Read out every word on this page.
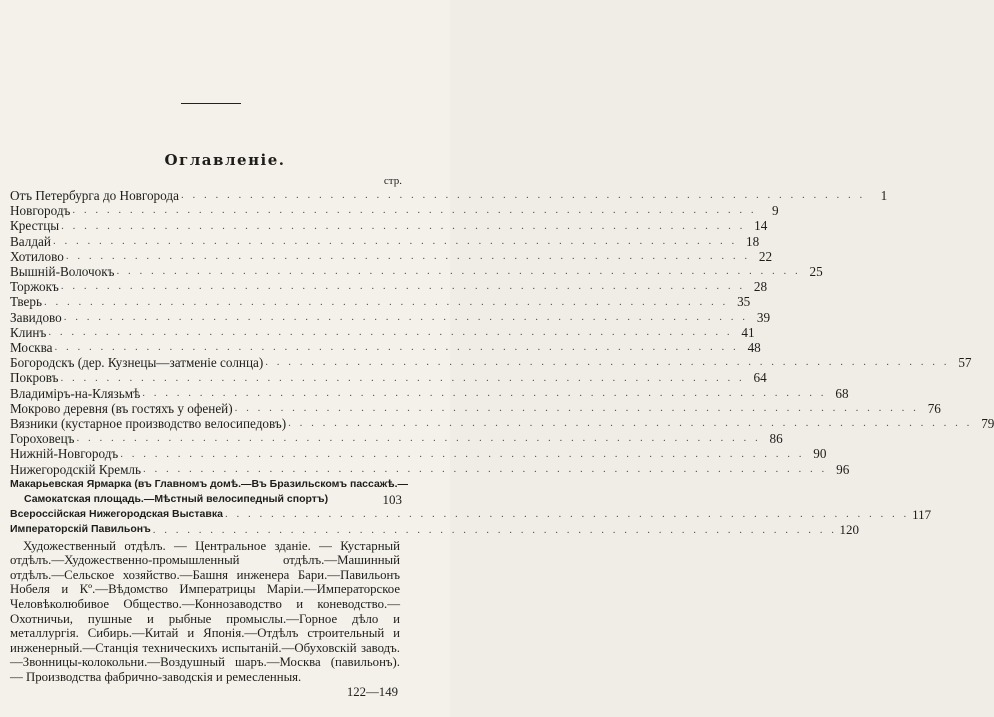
Оглавленіе.
стр.
Отъ Петербурга до Новгорода . . . . . . . . . . . . . . . . . . . . . . . . . . . . . . . . . . . . . . . . . . . . . . . . . . . . . . . . . . . .	1
Новгородъ . . . . . . . . . . . . . . . . . . . . . . . . . . . . . . . . . . . . . . . . . . . . . . . . . . . . . . . . . . . .	9
Крестцы . . . . . . . . . . . . . . . . . . . . . . . . . . . . . . . . . . . . . . . . . . . . . . . . . . . . . . . . . . . . 14
Валдай . . . . . . . . . . . . . . . . . . . . . . . . . . . . . . . . . . . . . . . . . . . . . . . . . . . . . . . . . . . . 18
Хотилово . . . . . . . . . . . . . . . . . . . . . . . . . . . . . . . . . . . . . . . . . . . . . . . . . . . . . . . . . . . . 22
Вышній-Волочокъ . . . . . . . . . . . . . . . . . . . . . . . . . . . . . . . . . . . . . . . . . . . . . . . . . . . . . . . . . . . . 25
Торжокъ . . . . . . . . . . . . . . . . . . . . . . . . . . . . . . . . . . . . . . . . . . . . . . . . . . . . . . . . . . . . 28
Тверь . . . . . . . . . . . . . . . . . . . . . . . . . . . . . . . . . . . . . . . . . . . . . . . . . . . . . . . . . . . . 35
Завидово . . . . . . . . . . . . . . . . . . . . . . . . . . . . . . . . . . . . . . . . . . . . . . . . . . . . . . . . . . . . 39
Клинъ . . . . . . . . . . . . . . . . . . . . . . . . . . . . . . . . . . . . . . . . . . . . . . . . . . . . . . . . . . . . 41
Москва . . . . . . . . . . . . . . . . . . . . . . . . . . . . . . . . . . . . . . . . . . . . . . . . . . . . . . . . . . . . 48
Богородскъ (дер. Кузнецы—затменіе солнца) . . . . . . . . . . . . . . . . . . . . . . . . . . . . . . . . . . . . . . . . . . . . . . . . . . . . . . . . . . . . 57
Покровъ . . . . . . . . . . . . . . . . . . . . . . . . . . . . . . . . . . . . . . . . . . . . . . . . . . . . . . . . . . . . 64
Владиміръ-на-Клязьмѣ . . . . . . . . . . . . . . . . . . . . . . . . . . . . . . . . . . . . . . . . . . . . . . . . . . . . . . . . . . . . 68
Мокрово деревня (въ гостяхъ у офеней) . . . . . . . . . . . . . . . . . . . . . . . . . . . . . . . . . . . . . . . . . . . . . . . . . . . . . . . . . . . . 76
Вязники (кустарное производство велосипедовъ) . . . . . . . . . . . . . . . . . . . . . . . . . . . . . . . . . . . . . . . . . . . . . . . . . . . . . . . . . . . . 79
Гороховецъ . . . . . . . . . . . . . . . . . . . . . . . . . . . . . . . . . . . . . . . . . . . . . . . . . . . . . . . . . . . . 86
Нижній-Новгородъ . . . . . . . . . . . . . . . . . . . . . . . . . . . . . . . . . . . . . . . . . . . . . . . . . . . . . . . . . . . . 90
Нижегородскій Кремль . . . . . . . . . . . . . . . . . . . . . . . . . . . . . . . . . . . . . . . . . . . . . . . . . . . . . . . . . . . . 96
Макарьевская Ярмарка (въ Главномъ домѣ.—Въ Бразильскомъ пассажѣ.—
Самокатская площадь.—Мѣстный велосипедный спортъ)	103
Всероссійская Нижегородская Выставка . . . . . . . . . . . . . . . . . . . . . . . . . . . . . . . . . . . . . . . . . . . . . . . . . . . . . . . . . . . . 117
Императорскій Павильонъ . . . . . . . . . . . . . . . . . . . . . . . . . . . . . . . . . . . . . . . . . . . . . . . . . . . . . . . . . . . . 120
Художественный отдѣлъ. — Центральное зданіе. — Кустарный отдѣлъ.—Художественно-промышленный отдѣлъ.—Машинный отдѣлъ.—Сельское хозяйство.—Башня инженера Бари.—Павильонъ Нобеля и Кº.—Вѣдомство Императрицы Маріи.—Императорское Человѣколюбивое Общество.—Коннозаводство и коневодство.—Охотничьи, пушные и рыбные промыслы.—Горное дѣло и металлургія. Сибирь.—Китай и Японія.—Отдѣлъ строительный и инженерный.—Станція техническихъ испытаній.—Обуховскій заводъ.—Звонницы-колокольни.—Воздушный шаръ.—Москва (павильонъ). — Производства фабрично-заводскія и ремесленныя.
122—149
